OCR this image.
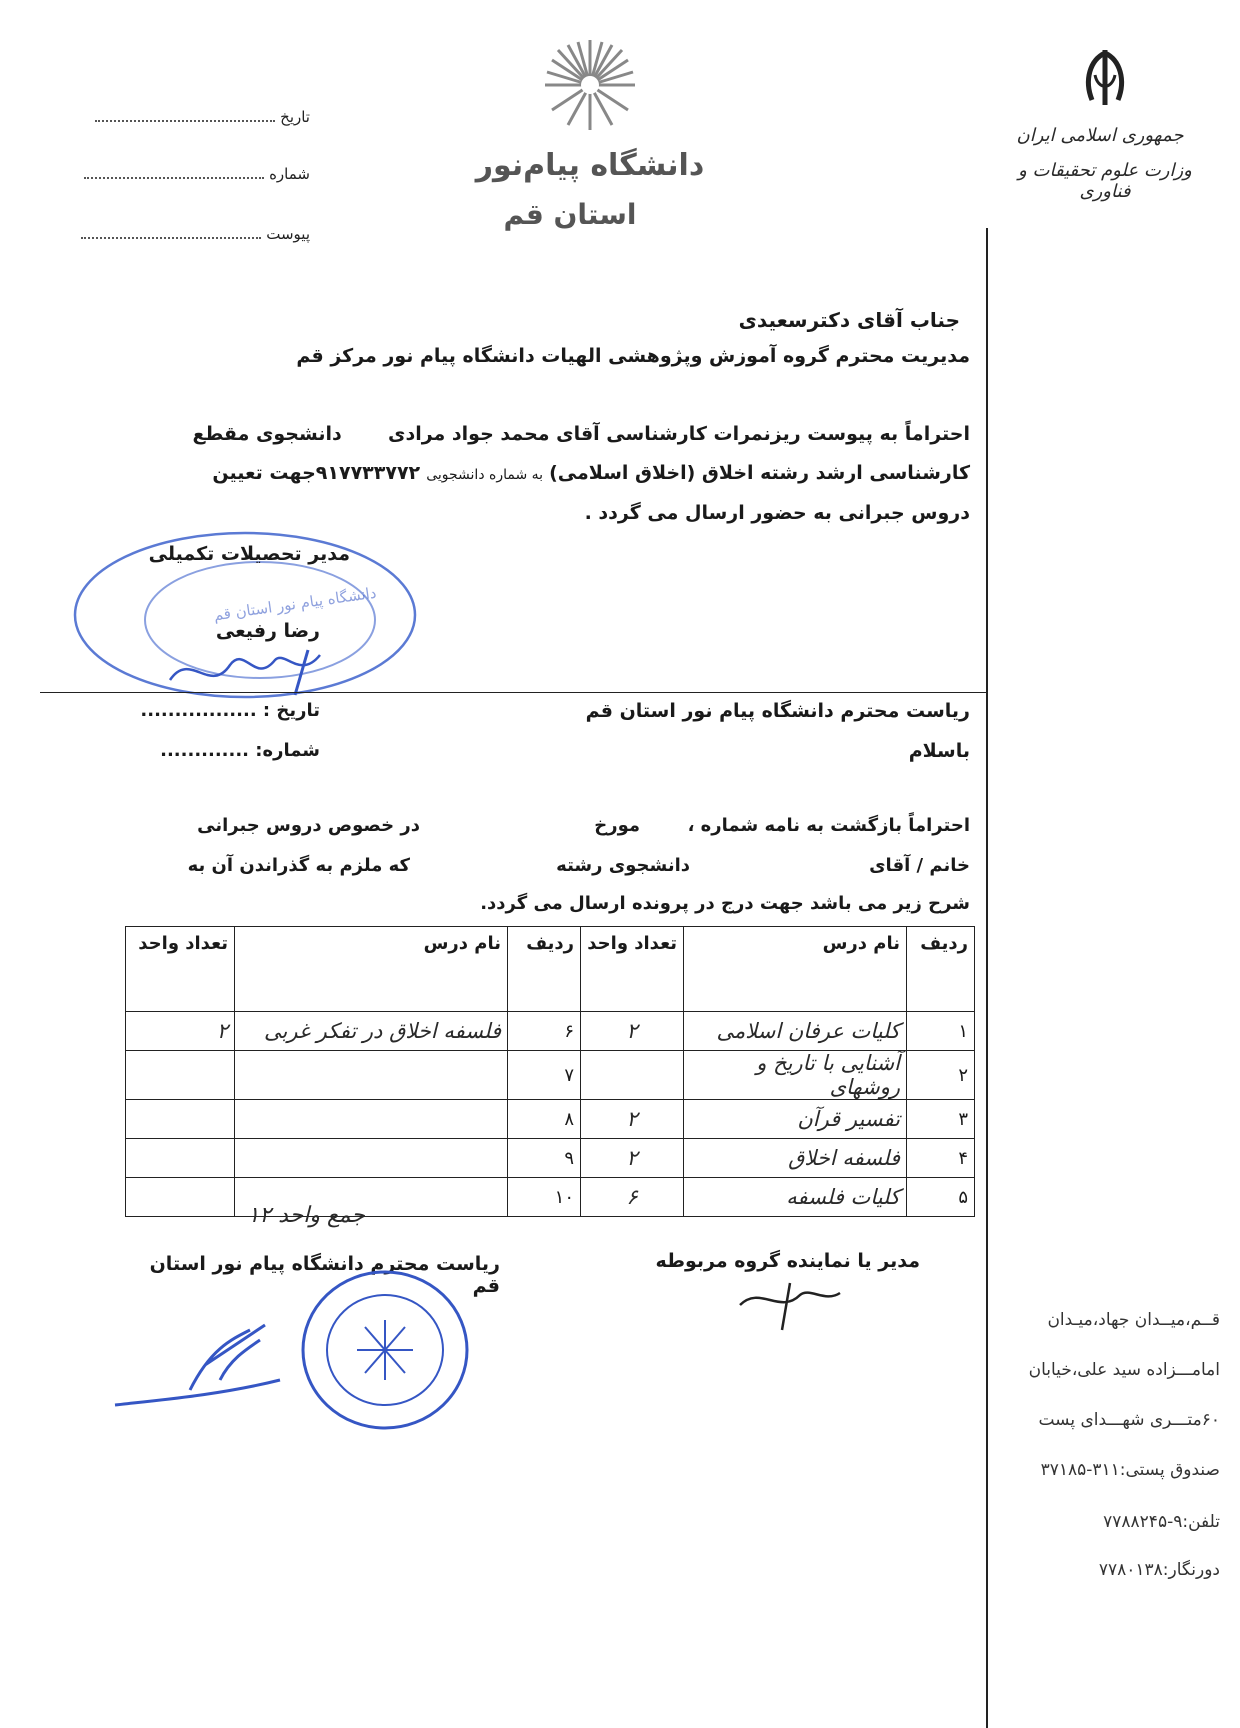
تاریخ
شماره
پیوست
دانشگاه پیام‌نور
استان قم
جمهوری اسلامی ایران
وزارت علوم تحقیقات و فناوری
جناب آقای دکترسعیدی
مدیریت محترم گروه آموزش وپژوهشی الهیات دانشگاه پیام نور مرکز قم
احتراماً به پیوست ریزنمرات کارشناسی آقای محمد جواد مرادی       دانشجوی مقطع
کارشناسی ارشد رشته اخلاق (اخلاق اسلامی) به شماره دانشجویی ۹۱۷۷۳۳۷۷۲جهت تعیین
دروس جبرانی به حضور ارسال می گردد .
دانشگاه پیام نور استان قم
مدیر تحصیلات تکمیلی
رضا رفیعی
تاریخ : .................
شماره: .............
ریاست محترم دانشگاه پیام نور استان قم
باسلام
احتراماً بازگشت به نامه شماره ،
مورخ
در خصوص دروس جبرانی
خانم / آقای
دانشجوی رشته
که ملزم به گذراندن آن به
شرح زیر می باشد جهت درج در پرونده ارسال می گردد.
ردیف	نام درس	تعداد واحد	ردیف	نام درس	تعداد واحد
۱	کلیات عرفان اسلامی	۲	۶	فلسفه اخلاق در تفکر غربی	۲
۲	آشنایی با تاریخ و روشهای		۷		
۳	تفسیر قرآن	۲	۸		
۴	فلسفه اخلاق	۲	۹		
۵	کلیات فلسفه	۶	۱۰		
جمع واحد ۱۲
مدیر یا نماینده گروه مربوطه
ریاست محترم دانشگاه پیام نور استان قم
قــم،میــدان جهاد،میـدان
امامـــزاده سید علی،خیابان
۶۰متـــری شهـــدای پست
صندوق پستی:۳۱۱-۳۷۱۸۵
تلفن:۹-۷۷۸۸۲۴۵
دورنگار:۷۷۸۰۱۳۸
